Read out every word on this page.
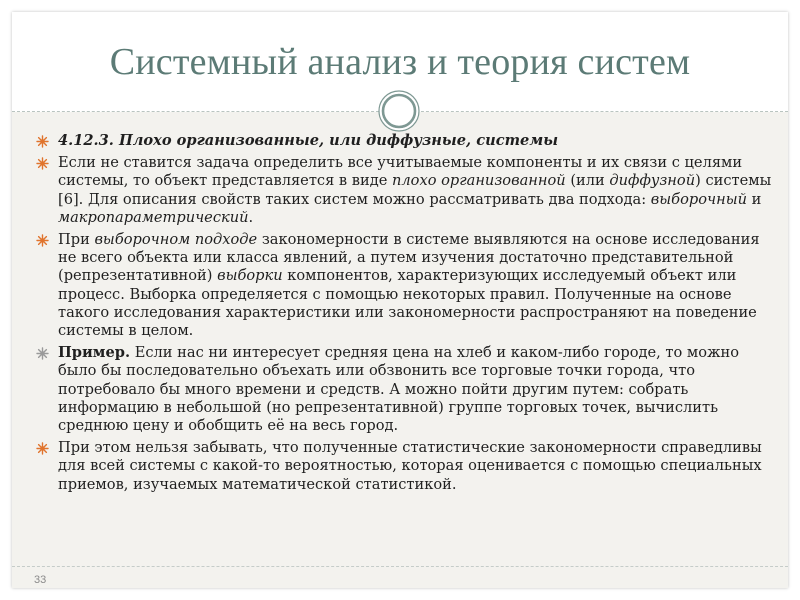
Системный анализ и теория систем
4.12.3. Плохо организованные, или диффузные, системы
Если не ставится задача определить все учитываемые компоненты и их связи с целями системы, то объект представляется в виде плохо организованной (или диффузной) системы [6]. Для описания свойств таких систем можно рассматривать два подхода: выборочный и макропараметрический.
При выборочном подходе закономерности в системе выявляются на основе исследования не всего объекта или класса явлений, а путем изучения достаточно представительной (репрезентативной) выборки компонентов, характеризующих исследуемый объект или процесс. Выборка определяется с помощью некоторых правил. Полученные на основе такого исследования характеристики или закономерности распространяют на поведение системы в целом.
Пример. Если нас ни интересует средняя цена на хлеб и каком-либо городе, то можно было бы последовательно объехать или обзвонить все торговые точки города, что потребовало бы много времени и средств. А можно пойти другим путем: собрать информацию в небольшой (но репрезентативной) группе торговых точек, вычислить среднюю цену и обобщить её на весь город.
При этом нельзя забывать, что полученные статистические закономерности справедливы для всей системы с какой-то вероятностью, которая оценивается с помощью специальных приемов, изучаемых математической статистикой.
33
